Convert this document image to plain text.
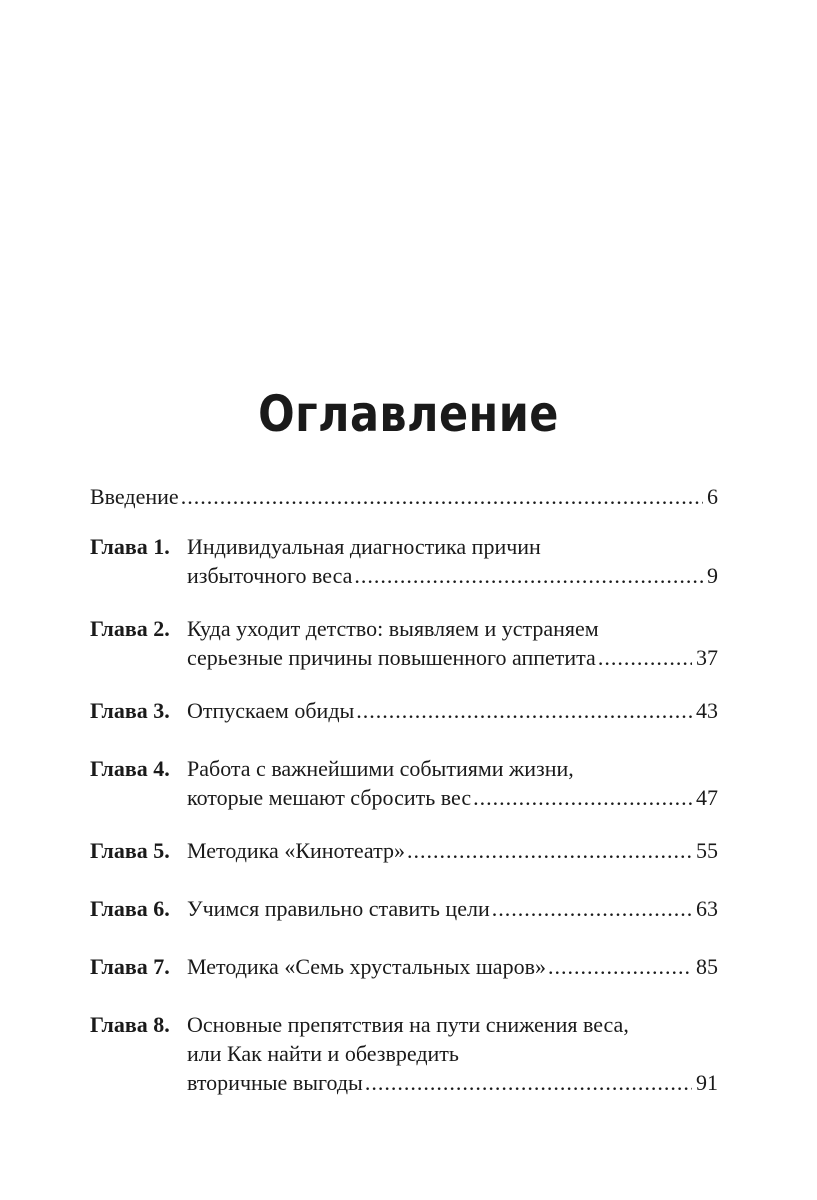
Оглавление
Введение .....	6
Глава 1. Индивидуальная диагностика причин
избыточного веса .....	9
Глава 2. Куда уходит детство: выявляем и устраняем
серьезные причины повышенного аппетита .....	37
Глава 3. Отпускаем обиды .....	43
Глава 4. Работа с важнейшими событиями жизни,
которые мешают сбросить вес .....	47
Глава 5. Методика «Кинотеатр» .....	55
Глава 6. Учимся правильно ставить цели .....	63
Глава 7. Методика «Семь хрустальных шаров» .....	85
Глава 8. Основные препятствия на пути снижения веса,
или Как найти и обезвредить
вторичные выгоды .....	91
